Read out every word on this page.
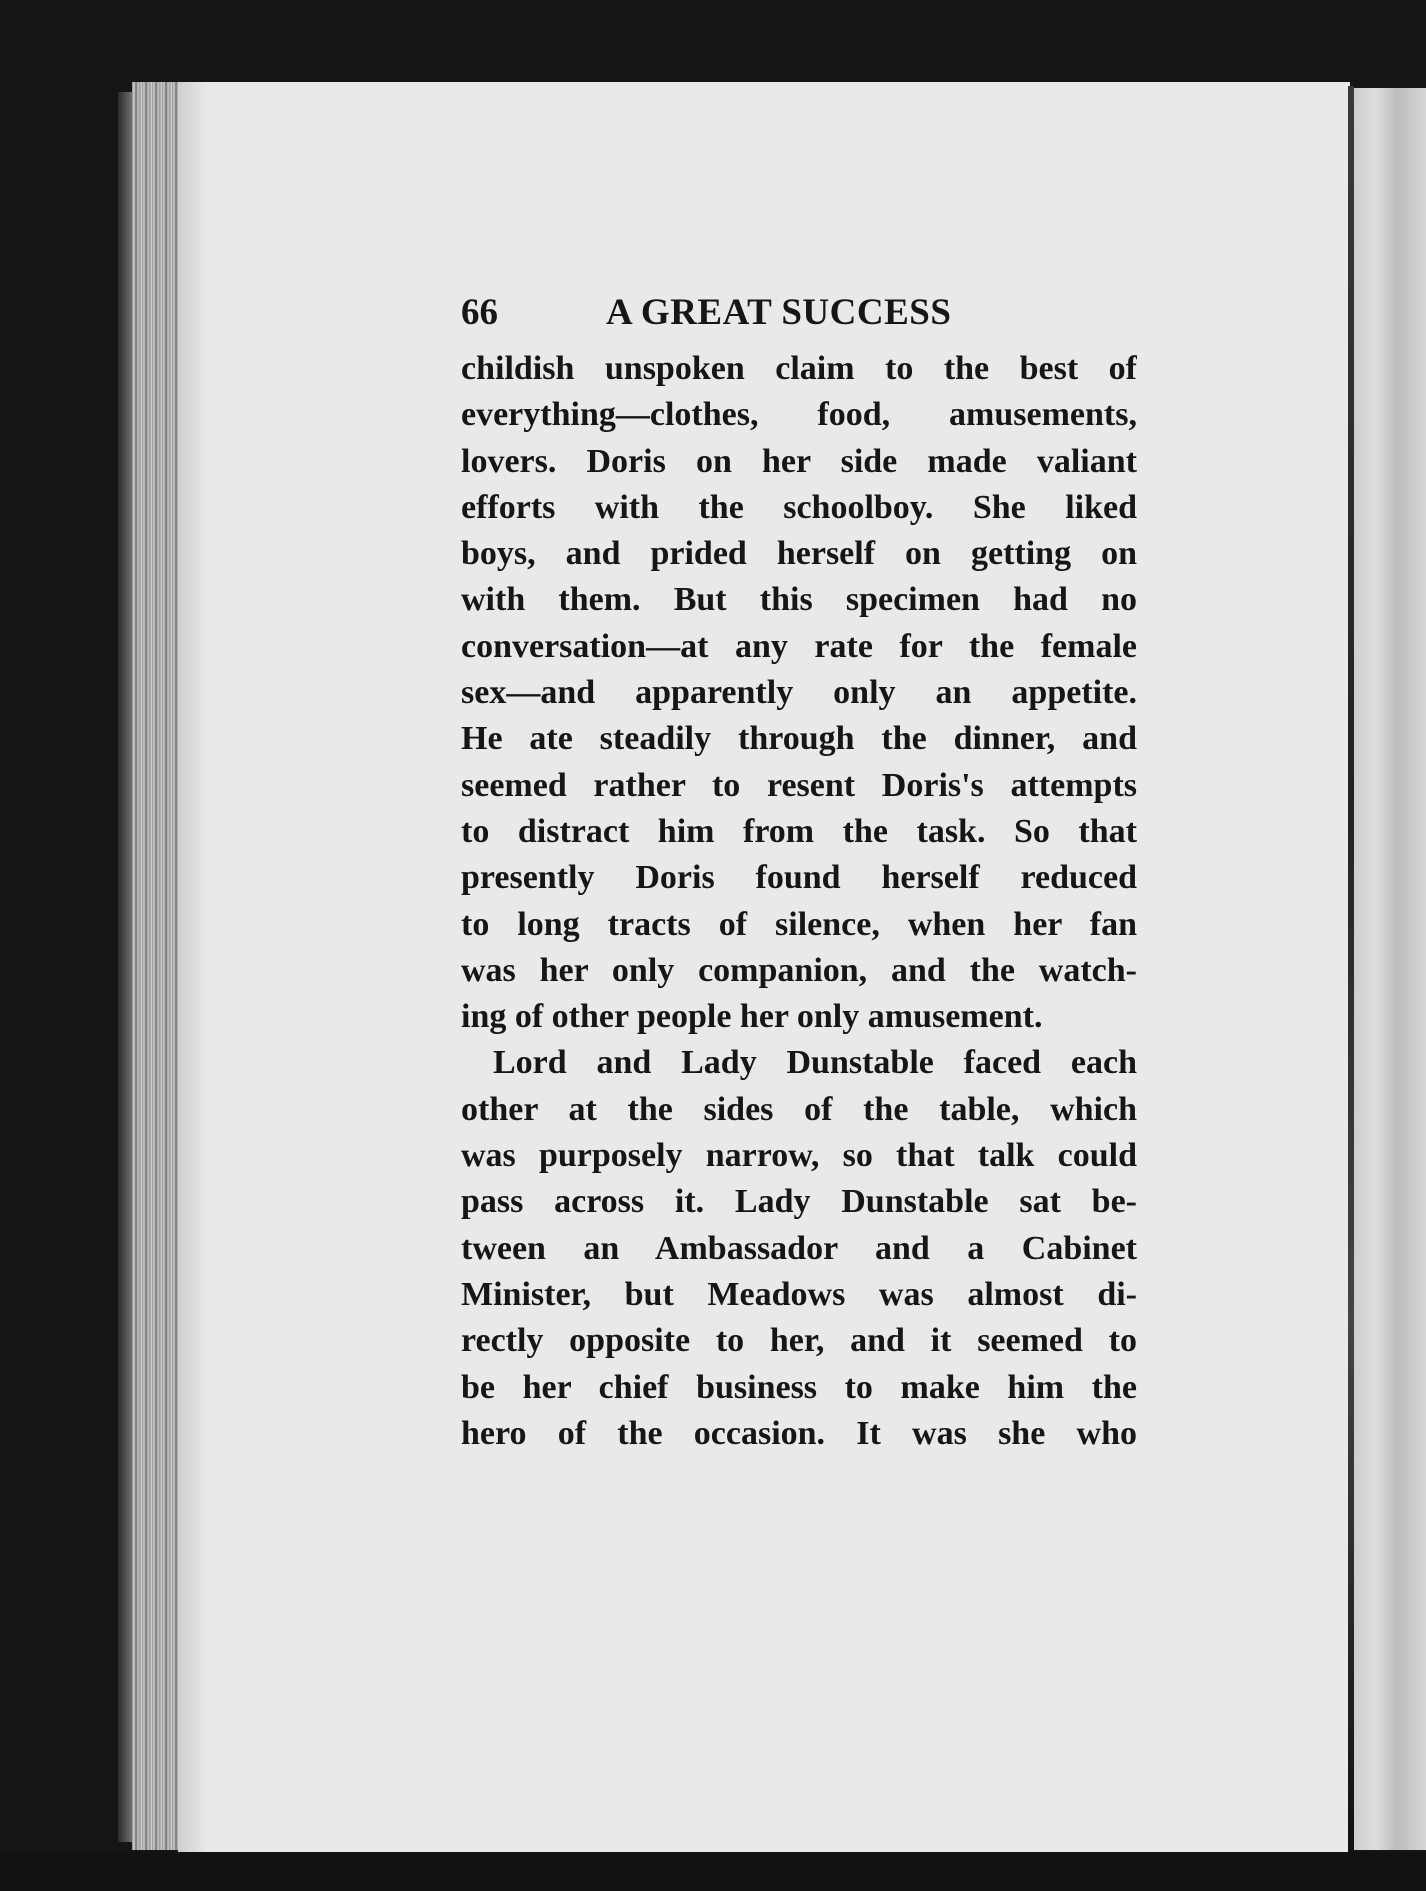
66	A GREAT SUCCESS
childish unspoken claim to the best of
everything—clothes, food, amusements,
lovers. Doris on her side made valiant
efforts with the schoolboy. She liked
boys, and prided herself on getting on
with them. But this specimen had no
conversation—at any rate for the female
sex—and apparently only an appetite.
He ate steadily through the dinner, and
seemed rather to resent Doris's attempts
to distract him from the task. So that
presently Doris found herself reduced
to long tracts of silence, when her fan
was her only companion, and the watch-
ing of other people her only amusement.
Lord and Lady Dunstable faced each
other at the sides of the table, which
was purposely narrow, so that talk could
pass across it. Lady Dunstable sat be-
tween an Ambassador and a Cabinet
Minister, but Meadows was almost di-
rectly opposite to her, and it seemed to
be her chief business to make him the
hero of the occasion. It was she who
